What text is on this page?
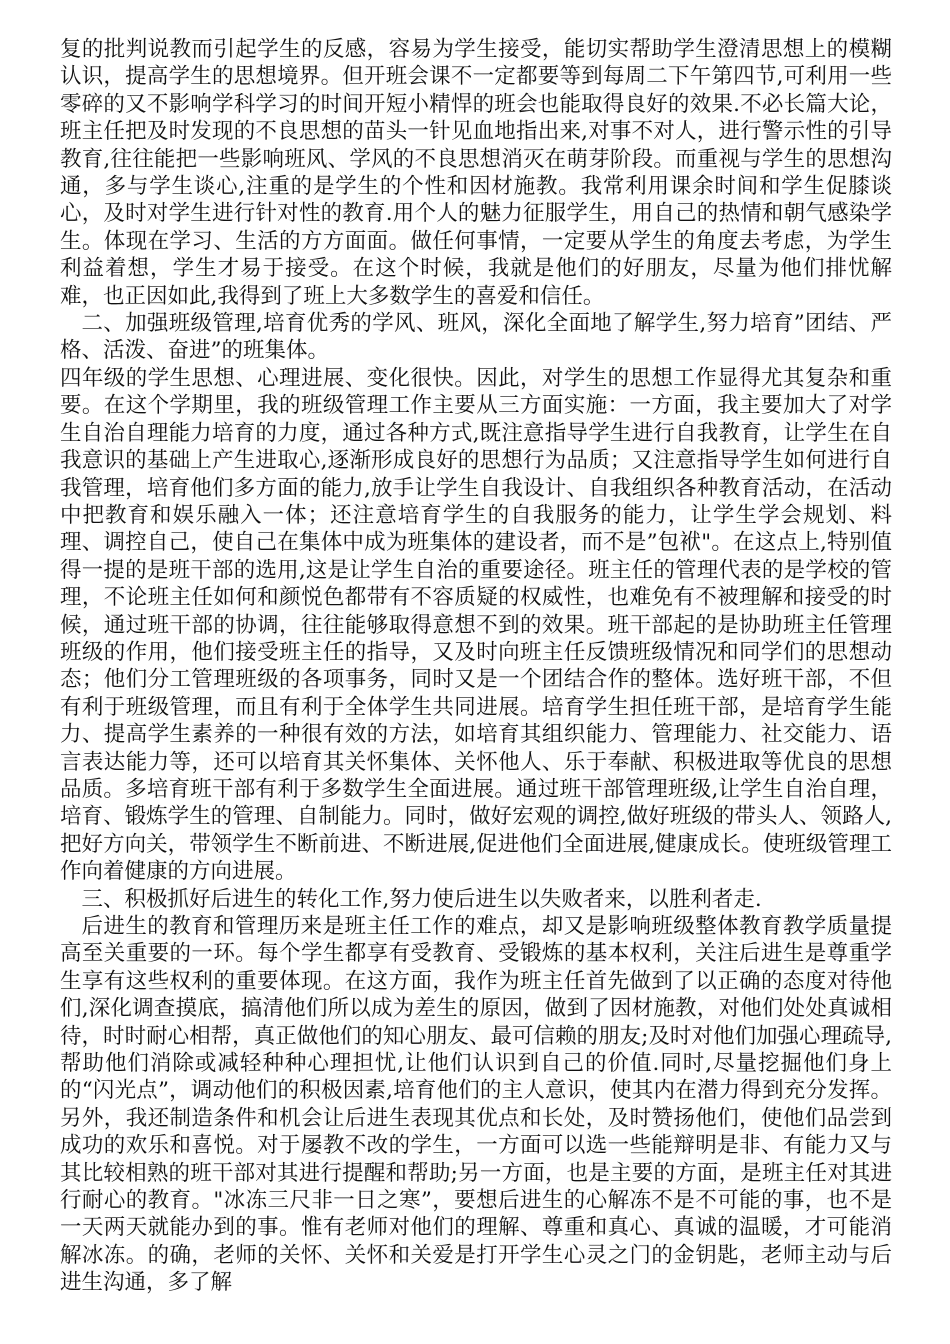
复的批判说教而引起学生的反感，容易为学生接受，能切实帮助学生澄清思想上的模糊认识，提高学生的思想境界。但开班会课不一定都要等到每周二下午第四节,可利用一些零碎的又不影响学科学习的时间开短小精悍的班会也能取得良好的效果.不必长篇大论，班主任把及时发现的不良思想的苗头一针见血地指出来,对事不对人，进行警示性的引导教育,往往能把一些影响班风、学风的不良思想消灭在萌芽阶段。而重视与学生的思想沟通，多与学生谈心,注重的是学生的个性和因材施教。我常利用课余时间和学生促膝谈心，及时对学生进行针对性的教育.用个人的魅力征服学生，用自己的热情和朝气感染学生。体现在学习、生活的方方面面。做任何事情，一定要从学生的角度去考虑，为学生利益着想，学生才易于接受。在这个时候，我就是他们的好朋友，尽量为他们排忧解难，也正因如此,我得到了班上大多数学生的喜爱和信任。

二、加强班级管理,培育优秀的学风、班风，深化全面地了解学生,努力培育”团结、严格、活泼、奋进”的班集体。

四年级的学生思想、心理进展、变化很快。因此，对学生的思想工作显得尤其复杂和重要。在这个学期里，我的班级管理工作主要从三方面实施：一方面，我主要加大了对学生自治自理能力培育的力度，通过各种方式,既注意指导学生进行自我教育，让学生在自我意识的基础上产生进取心,逐渐形成良好的思想行为品质；又注意指导学生如何进行自我管理，培育他们多方面的能力,放手让学生自我设计、自我组织各种教育活动，在活动中把教育和娱乐融入一体；还注意培育学生的自我服务的能力，让学生学会规划、料理、调控自己，使自己在集体中成为班集体的建设者，而不是”包袱"。在这点上,特别值得一提的是班干部的选用,这是让学生自治的重要途径。班主任的管理代表的是学校的管理，不论班主任如何和颜悦色都带有不容质疑的权威性，也难免有不被理解和接受的时候，通过班干部的协调，往往能够取得意想不到的效果。班干部起的是协助班主任管理班级的作用，他们接受班主任的指导，又及时向班主任反馈班级情况和同学们的思想动态；他们分工管理班级的各项事务，同时又是一个团结合作的整体。选好班干部，不但有利于班级管理，而且有利于全体学生共同进展。培育学生担任班干部，是培育学生能力、提高学生素养的一种很有效的方法，如培育其组织能力、管理能力、社交能力、语言表达能力等，还可以培育其关怀集体、关怀他人、乐于奉献、积极进取等优良的思想品质。多培育班干部有利于多数学生全面进展。通过班干部管理班级,让学生自治自理，培育、锻炼学生的管理、自制能力。同时，做好宏观的调控,做好班级的带头人、领路人,把好方向关，带领学生不断前进、不断进展,促进他们全面进展,健康成长。使班级管理工作向着健康的方向进展。

三、积极抓好后进生的转化工作,努力使后进生以失败者来，以胜利者走.

后进生的教育和管理历来是班主任工作的难点，却又是影响班级整体教育教学质量提高至关重要的一环。每个学生都享有受教育、受锻炼的基本权利，关注后进生是尊重学生享有这些权利的重要体现。在这方面，我作为班主任首先做到了以正确的态度对待他们,深化调查摸底，搞清他们所以成为差生的原因，做到了因材施教，对他们处处真诚相待，时时耐心相帮，真正做他们的知心朋友、最可信赖的朋友;及时对他们加强心理疏导,帮助他们消除或减轻种种心理担忧,让他们认识到自己的价值.同时,尽量挖掘他们身上的“闪光点”，调动他们的积极因素,培育他们的主人意识，使其内在潜力得到充分发挥。另外，我还制造条件和机会让后进生表现其优点和长处，及时赞扬他们，使他们品尝到成功的欢乐和喜悦。对于屡教不改的学生，一方面可以选一些能辩明是非、有能力又与其比较相熟的班干部对其进行提醒和帮助;另一方面，也是主要的方面，是班主任对其进行耐心的教育。"冰冻三尺非一日之寒”，要想后进生的心解冻不是不可能的事，也不是一天两天就能办到的事。惟有老师对他们的理解、尊重和真心、真诚的温暖，才可能消解冰冻。的确，老师的关怀、关怀和关爱是打开学生心灵之门的金钥匙，老师主动与后进生沟通，多了解
